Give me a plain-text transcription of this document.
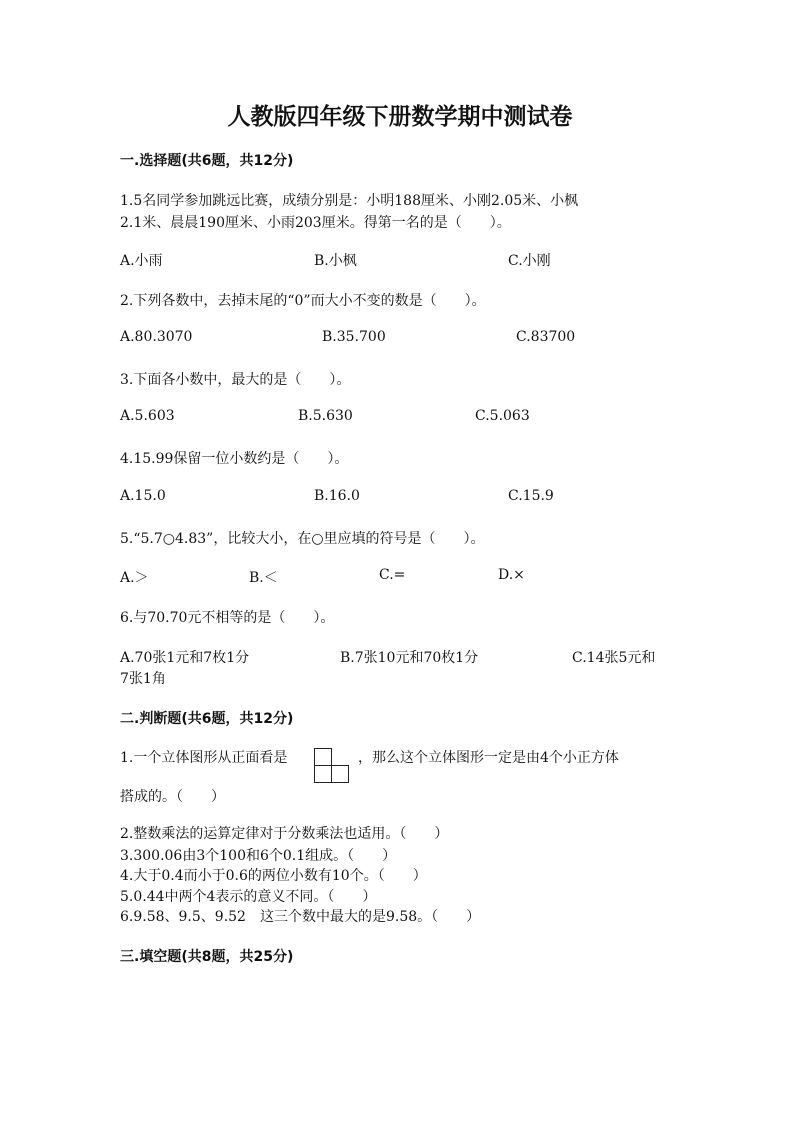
人教版四年级下册数学期中测试卷
一.选择题(共6题，共12分)
1.5名同学参加跳远比赛，成绩分别是：小明188厘米、小刚2.05米、小枫
2.1米、晨晨190厘米、小雨203厘米。得第一名的是（　　）。
A.小雨	B.小枫	C.小刚
2.下列各数中，去掉末尾的“0”而大小不变的数是（　　）。
A.80.3070	B.35.700	C.83700
3.下面各小数中，最大的是（　　）。
A.5.603	B.5.630	C.5.063
4.15.99保留一位小数约是（　　）。
A.15.0	B.16.0	C.15.9
5.“5.7○4.83”，比较大小，在○里应填的符号是（　　）。
A.＞	B.＜	C.=	D.×
6.与70.70元不相等的是（　　）。
A.70张1元和7枚1分	B.7张10元和70枚1分	C.14张5元和
7张1角
二.判断题(共6题，共12分)
1.一个立体图形从正面看是	，那么这个立体图形一定是由4个小正方体
搭成的。（　　）
2.整数乘法的运算定律对于分数乘法也适用。（　　）
3.300.06由3个100和6个0.1组成。（　　）
4.大于0.4而小于0.6的两位小数有10个。（　　）
5.0.44中两个4表示的意义不同。（　　）
6.9.58、9.5、9.52　这三个数中最大的是9.58。（　　）
三.填空题(共8题，共25分)
